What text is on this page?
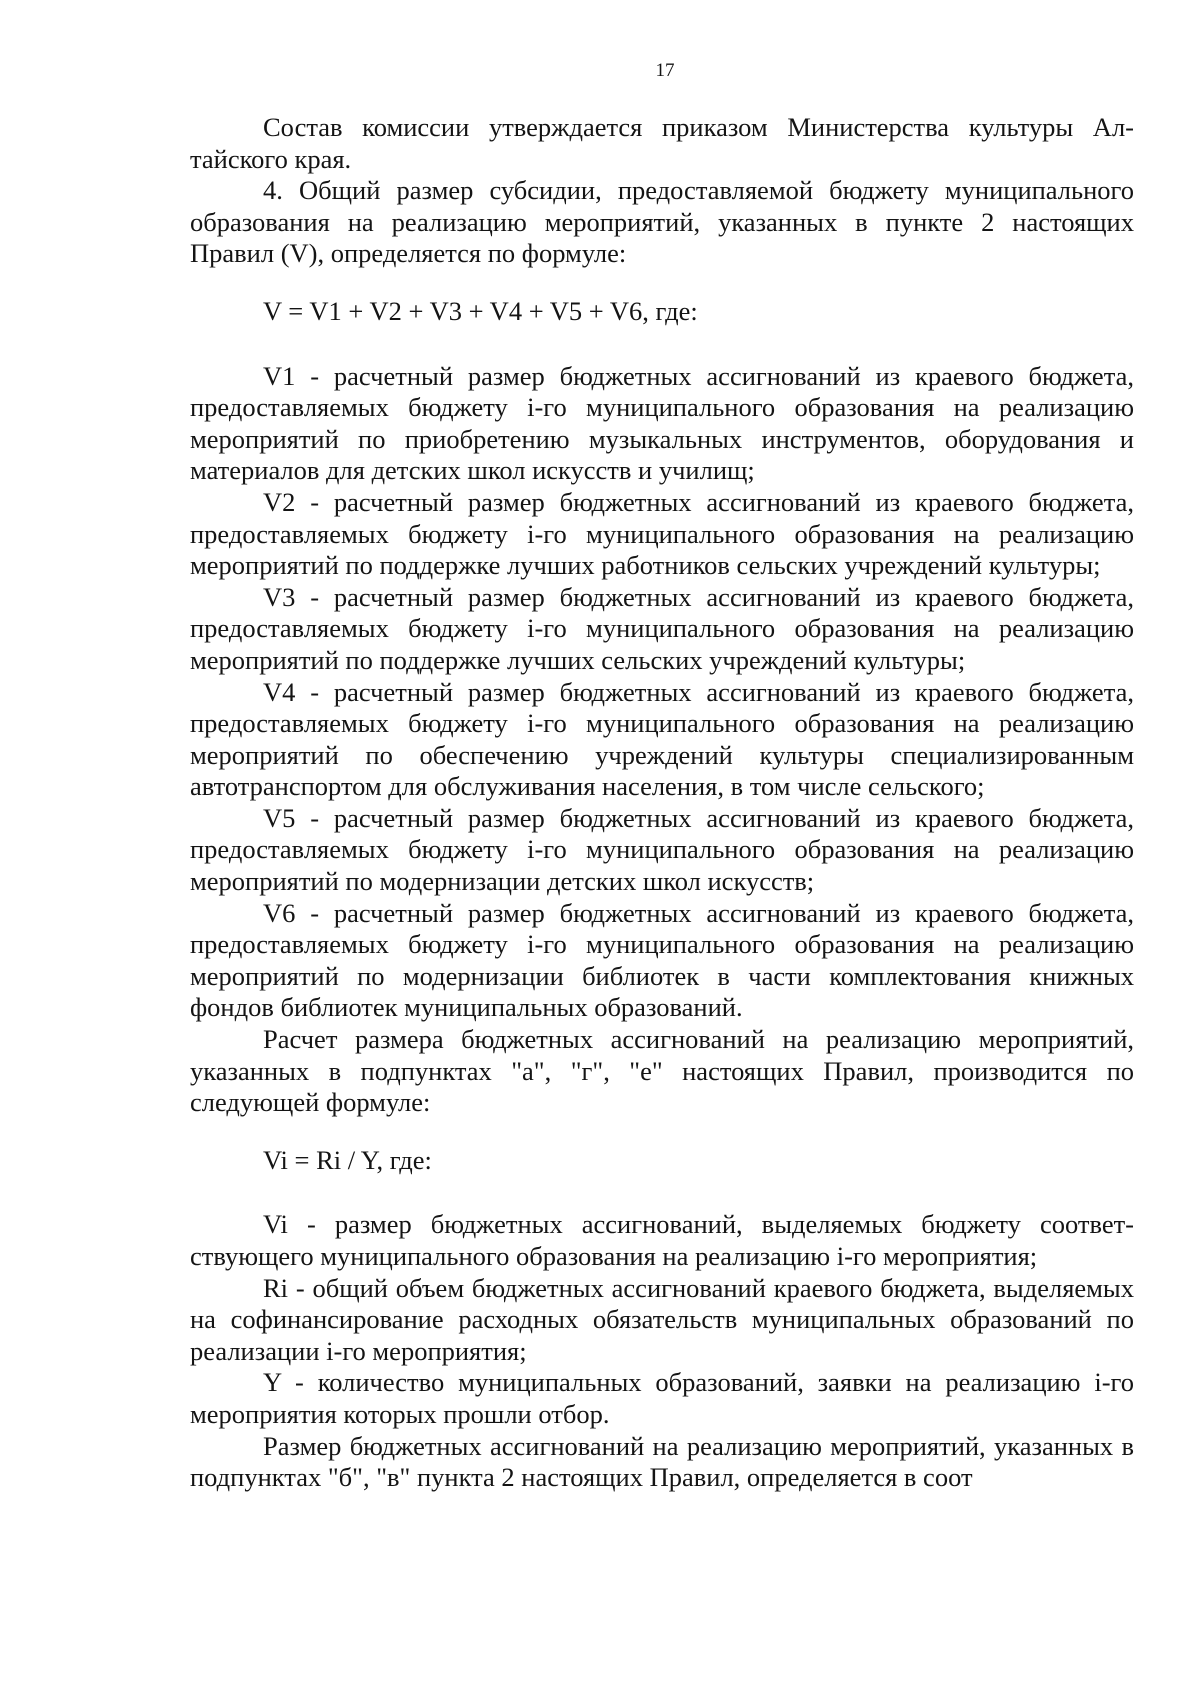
17

Состав комиссии утверждается приказом Министерства культуры Алтайского края.

4. Общий размер субсидии, предоставляемой бюджету муниципального образования на реализацию мероприятий, указанных в пункте 2 настоящих Правил (V), определяется по формуле:

V = V1 + V2 + V3 + V4 + V5 + V6, где:

V1 - расчетный размер бюджетных ассигнований из краевого бюджета, предоставляемых бюджету i-го муниципального образования на реализацию мероприятий по приобретению музыкальных инструментов, оборудования и материалов для детских школ искусств и училищ;

V2 - расчетный размер бюджетных ассигнований из краевого бюджета, предоставляемых бюджету i-го муниципального образования на реализацию мероприятий по поддержке лучших работников сельских учреждений культуры;

V3 - расчетный размер бюджетных ассигнований из краевого бюджета, предоставляемых бюджету i-го муниципального образования на реализацию мероприятий по поддержке лучших сельских учреждений культуры;

V4 - расчетный размер бюджетных ассигнований из краевого бюджета, предоставляемых бюджету i-го муниципального образования на реализацию мероприятий по обеспечению учреждений культуры специализированным автотранспортом для обслуживания населения, в том числе сельского;

V5 - расчетный размер бюджетных ассигнований из краевого бюджета, предоставляемых бюджету i-го муниципального образования на реализацию мероприятий по модернизации детских школ искусств;

V6 - расчетный размер бюджетных ассигнований из краевого бюджета, предоставляемых бюджету i-го муниципального образования на реализацию мероприятий по модернизации библиотек в части комплектования книжных фондов библиотек муниципальных образований.

Расчет размера бюджетных ассигнований на реализацию мероприятий, указанных в подпунктах "а", "г", "е" настоящих Правил, производится по следующей формуле:

Vi = Ri / Y, где:

Vi - размер бюджетных ассигнований, выделяемых бюджету соответствующего муниципального образования на реализацию i-го мероприятия;

Ri - общий объем бюджетных ассигнований краевого бюджета, выделяемых на софинансирование расходных обязательств муниципальных образований по реализации i-го мероприятия;

Y - количество муниципальных образований, заявки на реализацию i-го мероприятия которых прошли отбор.

Размер бюджетных ассигнований на реализацию мероприятий, указанных в подпунктах "б", "в" пункта 2 настоящих Правил, определяется в соот
